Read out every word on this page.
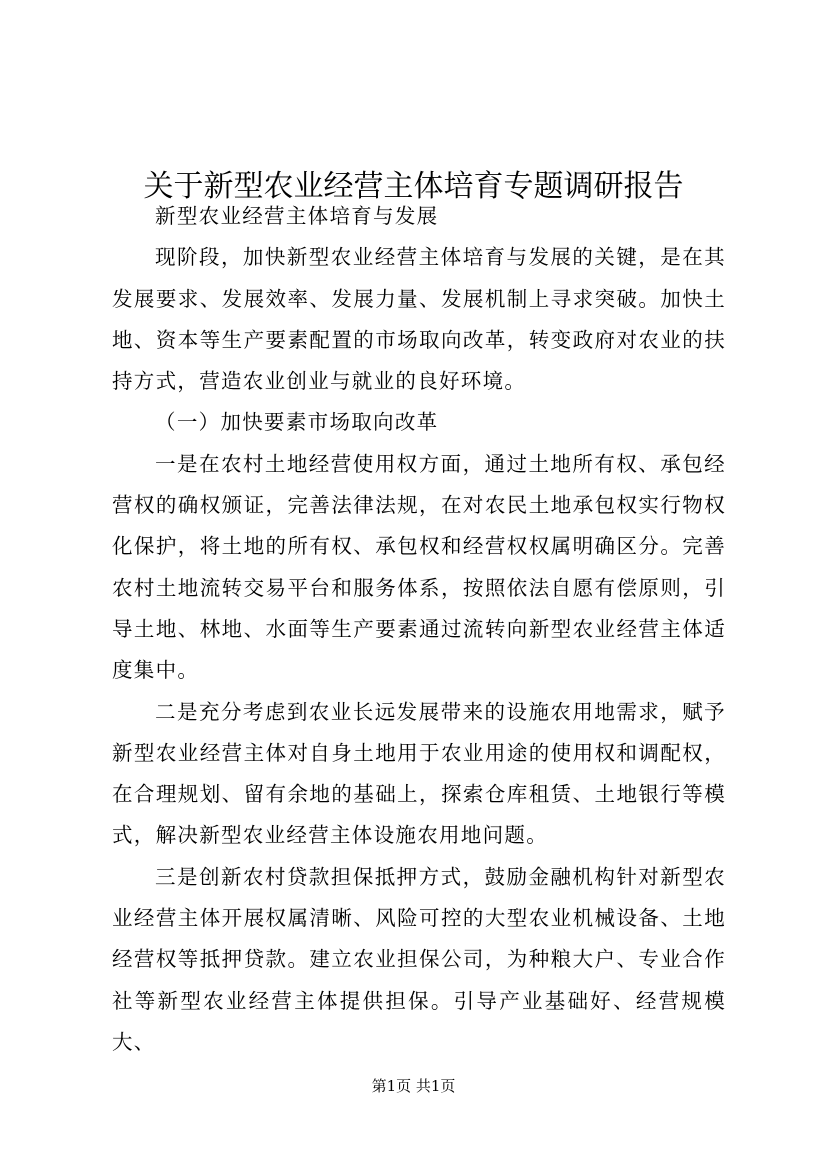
关于新型农业经营主体培育专题调研报告

新型农业经营主体培育与发展

现阶段，加快新型农业经营主体培育与发展的关键，是在其发展要求、发展效率、发展力量、发展机制上寻求突破。加快土地、资本等生产要素配置的市场取向改革，转变政府对农业的扶持方式，营造农业创业与就业的良好环境。

（一）加快要素市场取向改革

一是在农村土地经营使用权方面，通过土地所有权、承包经营权的确权颁证，完善法律法规，在对农民土地承包权实行物权化保护，将土地的所有权、承包权和经营权权属明确区分。完善农村土地流转交易平台和服务体系，按照依法自愿有偿原则，引导土地、林地、水面等生产要素通过流转向新型农业经营主体适度集中。

二是充分考虑到农业长远发展带来的设施农用地需求，赋予新型农业经营主体对自身土地用于农业用途的使用权和调配权，在合理规划、留有余地的基础上，探索仓库租赁、土地银行等模式，解决新型农业经营主体设施农用地问题。

三是创新农村贷款担保抵押方式，鼓励金融机构针对新型农业经营主体开展权属清晰、风险可控的大型农业机械设备、土地经营权等抵押贷款。建立农业担保公司，为种粮大户、专业合作社等新型农业经营主体提供担保。引导产业基础好、经营规模大、

第1页 共1页
